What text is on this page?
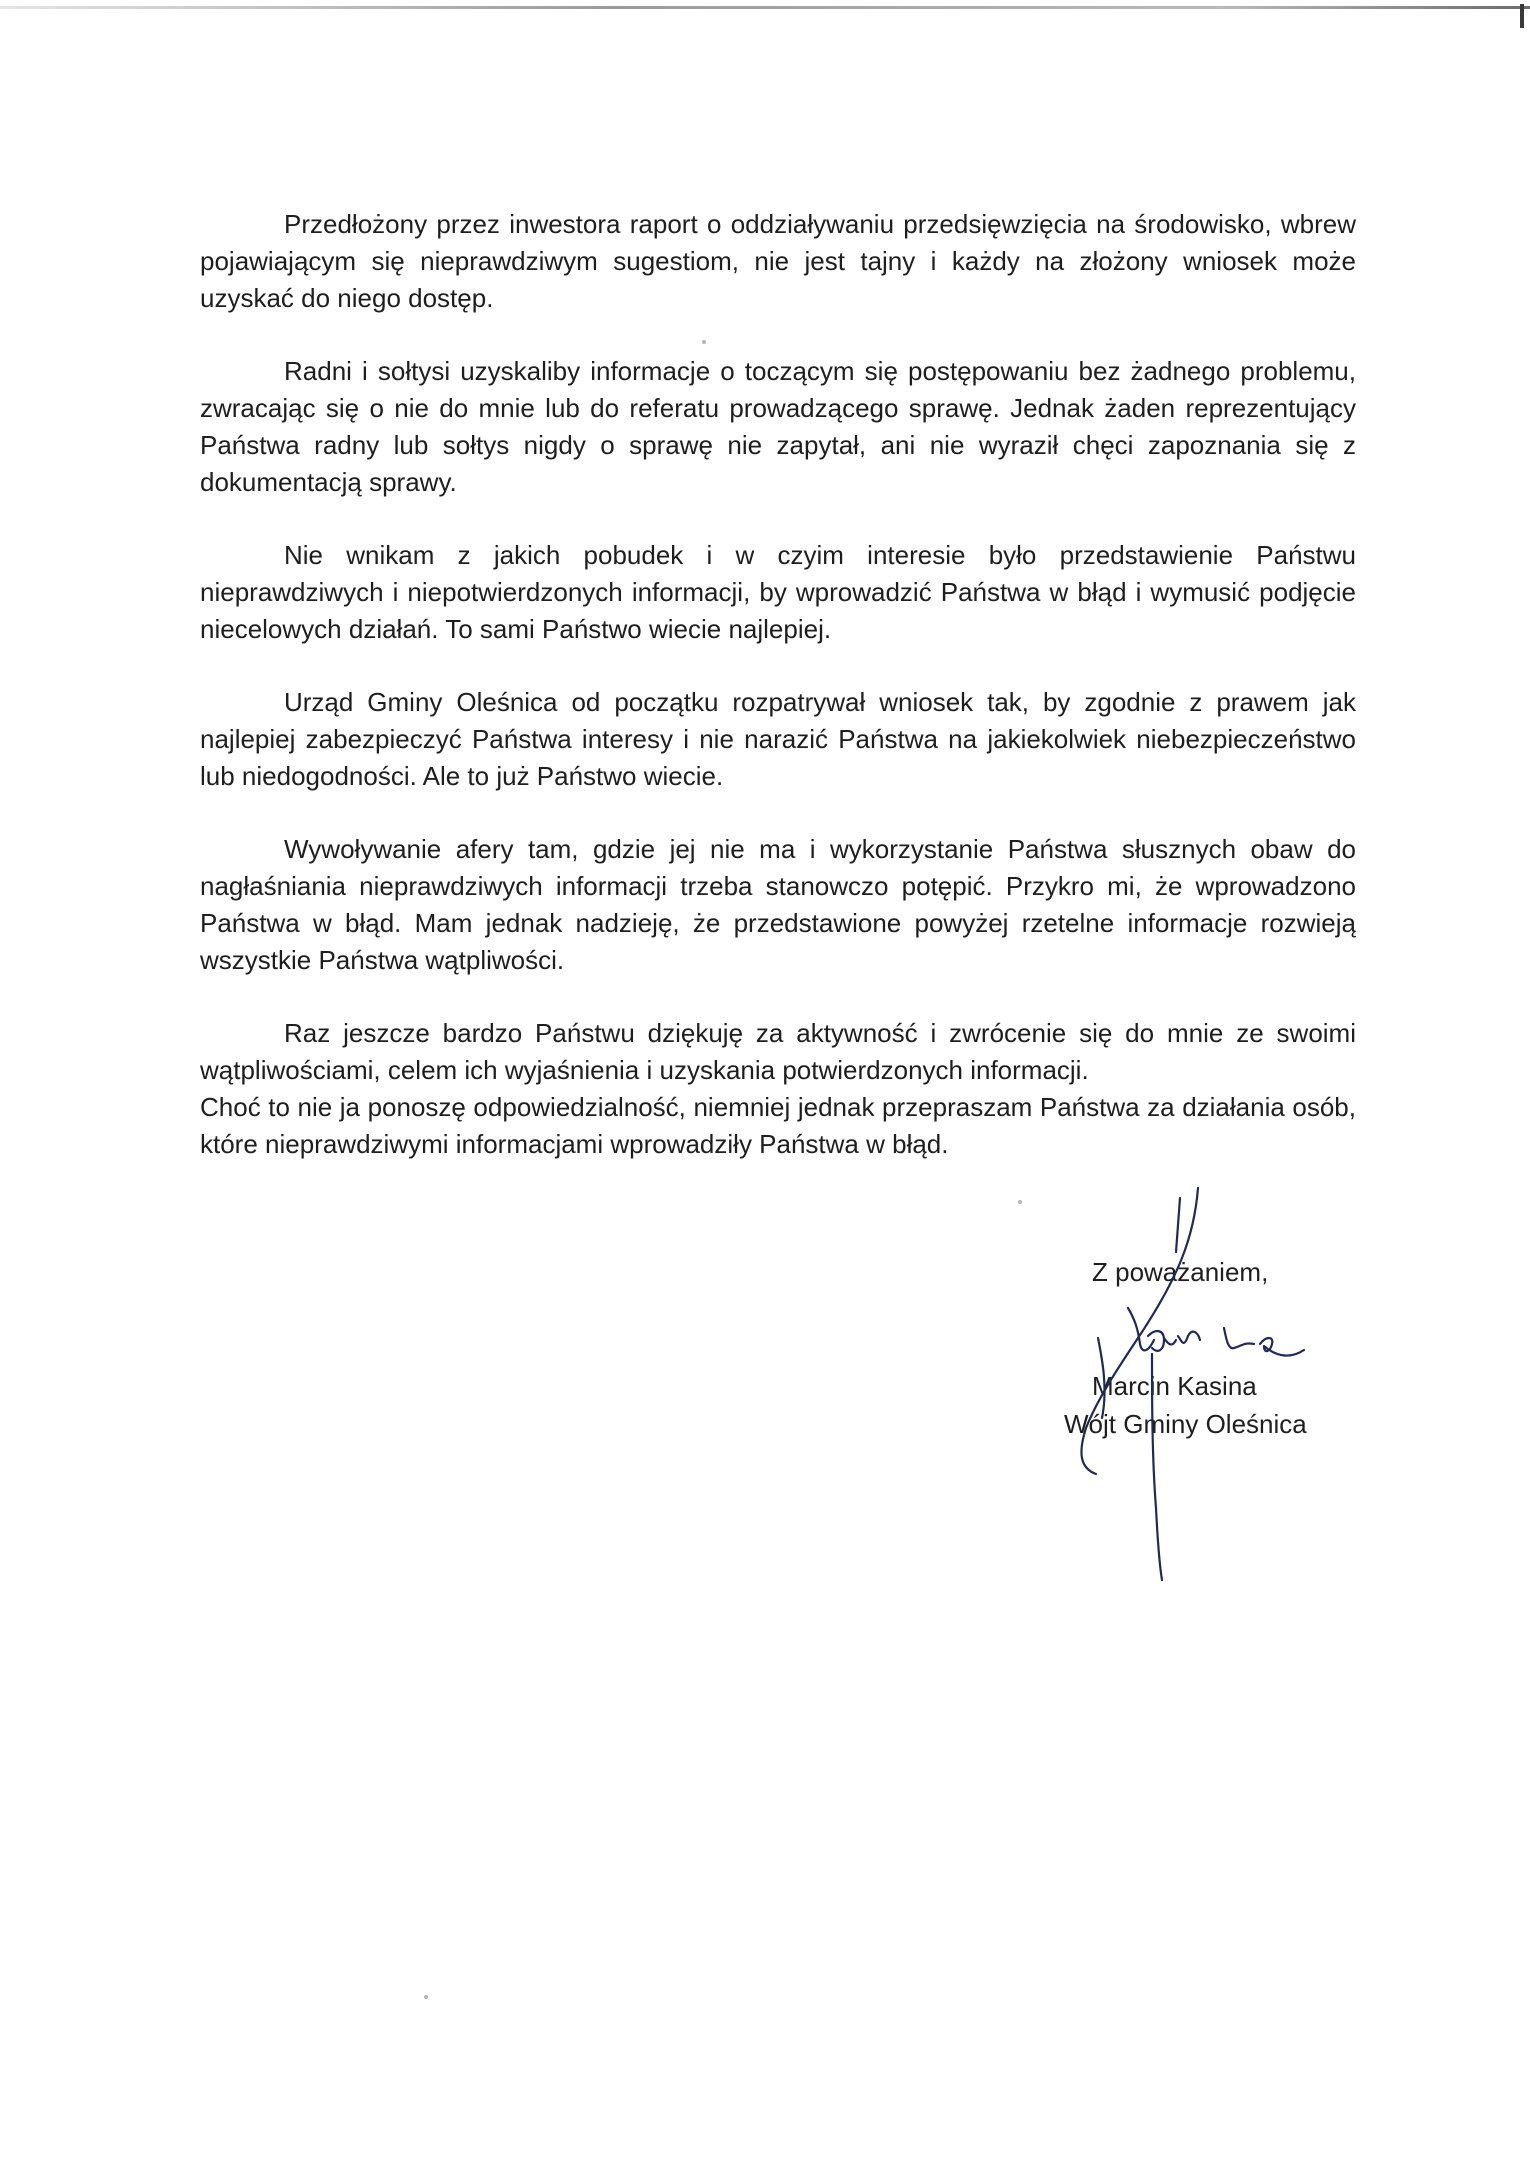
Przedłożony przez inwestora raport o oddziaływaniu przedsięwzięcia na środowisko, wbrew pojawiającym się nieprawdziwym sugestiom, nie jest tajny i każdy na złożony wniosek może uzyskać do niego dostęp.

Radni i sołtysi uzyskaliby informacje o toczącym się postępowaniu bez żadnego problemu, zwracając się o nie do mnie lub do referatu prowadzącego sprawę. Jednak żaden reprezentujący Państwa radny lub sołtys nigdy o sprawę nie zapytał, ani nie wyraził chęci zapoznania się z dokumentacją sprawy.

Nie wnikam z jakich pobudek i w czyim interesie było przedstawienie Państwu nieprawdziwych i niepotwierdzonych informacji, by wprowadzić Państwa w błąd i wymusić podjęcie niecelowych działań. To sami Państwo wiecie najlepiej.

Urząd Gminy Oleśnica od początku rozpatrywał wniosek tak, by zgodnie z prawem jak najlepiej zabezpieczyć Państwa interesy i nie narazić Państwa na jakiekolwiek niebezpieczeństwo lub niedogodności. Ale to już Państwo wiecie.

Wywoływanie afery tam, gdzie jej nie ma i wykorzystanie Państwa słusznych obaw do nagłaśniania nieprawdziwych informacji trzeba stanowczo potępić. Przykro mi, że wprowadzono Państwa w błąd. Mam jednak nadzieję, że przedstawione powyżej rzetelne informacje rozwieją wszystkie Państwa wątpliwości.

Raz jeszcze bardzo Państwu dziękuję za aktywność i zwrócenie się do mnie ze swoimi wątpliwościami, celem ich wyjaśnienia i uzyskania potwierdzonych informacji.

Choć to nie ja ponoszę odpowiedzialność, niemniej jednak przepraszam Państwa za działania osób, które nieprawdziwymi informacjami wprowadziły Państwa w błąd.

Z poważaniem,
Marcin Kasina
Wójt Gminy Oleśnica
